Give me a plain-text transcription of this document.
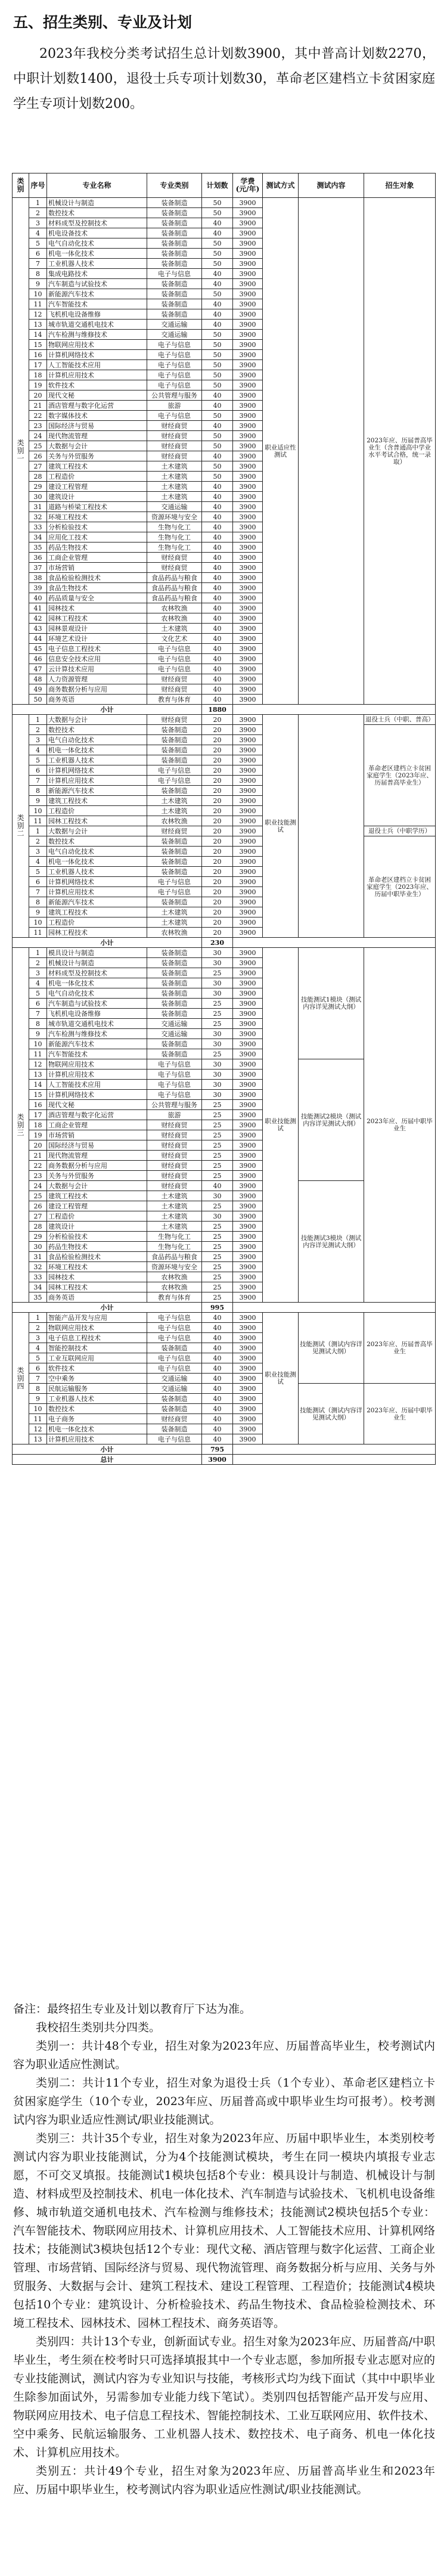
五、招生类别、专业及计划
2023年我校分类考试招生总计划数3900，其中普高计划数2270，中职计划数1400，退役士兵专项计划数30，革命老区建档立卡贫困家庭学生专项计划数200。
类别	序号	专业名称	专业类别	计划数	学费(元/年)	测试方式	测试内容	招生对象
类别一	1	机械设计与制造	装备制造	50	3900	职业适应性测试		2023年应、历届普高毕业生（含普通高中学业水平考试合格，统一录取）
	2	数控技术	装备制造	50	3900			
	3	材料成型及控制技术	装备制造	40	3900			
	4	机电设备技术	装备制造	40	3900			
	5	电气自动化技术	装备制造	50	3900			
	6	机电一体化技术	装备制造	50	3900			
	7	工业机器人技术	装备制造	50	3900			
	8	集成电路技术	电子与信息	40	3900			
	9	汽车制造与试验技术	装备制造	40	3900			
	10	新能源汽车技术	装备制造	50	3900			
	11	汽车智能技术	装备制造	40	3900			
	12	飞机机电设备维修	装备制造	40	3900			
	13	城市轨道交通机电技术	交通运输	40	3900			
	14	汽车检测与维修技术	交通运输	50	3900			
	15	物联网应用技术	电子与信息	50	3900			
	16	计算机网络技术	电子与信息	50	3900			
	17	人工智能技术应用	电子与信息	50	3900			
	18	计算机应用技术	电子与信息	50	3900			
	19	软件技术	电子与信息	50	3900			
	20	现代文秘	公共管理与服务	40	3900			
	21	酒店管理与数字化运营	旅游	40	3900			
	22	数字媒体技术	电子与信息	50	3900			
	23	国际经济与贸易	财经商贸	40	3900			
	24	现代物流管理	财经商贸	50	3900			
	25	大数据与会计	财经商贸	50	3900			
	26	关务与外贸服务	财经商贸	40	3900			
	27	建筑工程技术	土木建筑	50	3900			
	28	工程造价	土木建筑	50	3900			
	29	建设工程管理	土木建筑	40	3900			
	30	建筑设计	土木建筑	40	3900			
	31	道路与桥梁工程技术	交通运输	40	3900			
	32	环境工程技术	资源环境与安全	40	3900			
	33	分析检验技术	生物与化工	40	3900			
	34	应用化工技术	生物与化工	40	3900			
	35	药品生物技术	生物与化工	40	3900			
	36	工商企业管理	财经商贸	40	3900			
	37	市场营销	财经商贸	40	3900			
	38	食品检验检测技术	食品药品与粮食	40	3900			
	39	食品生物技术	食品药品与粮食	40	3900			
	40	药品质量与安全	食品药品与粮食	40	3900			
	41	园林技术	农林牧渔	40	3900			
	42	园林工程技术	农林牧渔	40	3900			
	43	园林景观设计	土木建筑	40	3900			
	44	环境艺术设计	文化艺术	40	3900			
	45	电子信息工程技术	电子与信息	40	3900			
	46	信息安全技术应用	电子与信息	40	3900			
	47	云计算技术应用	电子与信息	40	3900			
	48	人力资源管理	财经商贸	40	3900			
	49	商务数据分析与应用	财经商贸	40	3900			
	50	商务英语	教育与体育	40	3900			
小计				1880				
类别二	1	大数据与会计	财经商贸	20	3900	职业技能测试		退役士兵（中职、普高）
	2	数控技术	装备制造	20	3900			革命老区建档立卡贫困家庭学生（2023年应、历届普高毕业生）
	3	电气自动化技术	装备制造	20	3900			
	4	机电一体化技术	装备制造	20	3900			
	5	工业机器人技术	装备制造	20	3900			
	6	计算机网络技术	电子与信息	20	3900			
	7	计算机应用技术	电子与信息	20	3900			
	8	新能源汽车技术	装备制造	20	3900			
	9	建筑工程技术	土木建筑	20	3900			
	10	工程造价	土木建筑	20	3900			
	11	园林工程技术	农林牧渔	20	3900			
	1	大数据与会计	财经商贸	20	3900			退役士兵（中职学历）
	2	数控技术	装备制造	20	3900			革命老区建档立卡贫困家庭学生（2023年应、历届中职毕业生）
	3	电气自动化技术	装备制造	20	3900			
	4	机电一体化技术	装备制造	20	3900			
	5	工业机器人技术	装备制造	20	3900			
	6	计算机网络技术	电子与信息	20	3900			
	7	计算机应用技术	电子与信息	20	3900			
	8	新能源汽车技术	装备制造	20	3900			
	9	建筑工程技术	土木建筑	20	3900			
	10	工程造价	土木建筑	20	3900			
	11	园林工程技术	农林牧渔	20	3900			
小计				230				
类别三	1	模具设计与制造	装备制造	30	3900	职业技能测试	技能测试1模块（测试内容详见测试大纲）	2023年应、历届中职毕业生
	2	机械设计与制造	装备制造	30	3900			
	3	材料成型及控制技术	装备制造	25	3900			
	4	机电一体化技术	装备制造	30	3900			
	5	电气自动化技术	装备制造	30	3900			
	6	汽车制造与试验技术	装备制造	25	3900			
	7	飞机机电设备维修	装备制造	25	3900			
	8	城市轨道交通机电技术	交通运输	25	3900			
	9	汽车检测与维修技术	交通运输	30	3900			
	10	新能源汽车技术	装备制造	30	3900			
	11	汽车智能技术	装备制造	25	3900			
	12	物联网应用技术	电子与信息	30	3900		技能测试2模块（测试内容详见测试大纲）	
	13	计算机应用技术	电子与信息	30	3900			
	14	人工智能技术应用	电子与信息	30	3900			
	15	计算机网络技术	电子与信息	30	3900			
	16	现代文秘	公共管理与服务	25	3900			
	17	酒店管理与数字化运营	旅游	25	3900			
	18	工商企业管理	财经商贸	25	3900			
	19	市场营销	财经商贸	25	3900			
	20	国际经济与贸易	财经商贸	25	3900			
	21	现代物流管理	财经商贸	25	3900			
	22	商务数据分析与应用	财经商贸	25	3900			
	23	关务与外贸服务	财经商贸	25	3900			
	24	大数据与会计	财经商贸	40	3900		技能测试3模块（测试内容详见测试大纲）	
	25	建筑工程技术	土木建筑	30	3900			
	26	建设工程管理	土木建筑	25	3900			
	27	工程造价	土木建筑	30	3900			
	28	建筑设计	土木建筑	25	3900			
	29	分析检验技术	生物与化工	25	3900			
	30	药品生物技术	生物与化工	25	3900			
	31	食品检验检测技术	食品药品与粮食	25	3900			
	32	环境工程技术	资源环境与安全	25	3900			
	33	园林技术	农林牧渔	25	3900			
	34	园林工程技术	农林牧渔	25	3900			
	35	商务英语	教育与体育	25	3900			
小计				995				
类别四	1	智能产品开发与应用	电子与信息	40	3900	职业技能测试	技能测试（测试内容详见测试大纲）	2023年应、历届普高毕业生
	2	物联网应用技术	电子与信息	40	3900			
	3	电子信息工程技术	电子与信息	40	3900			
	4	智能控制技术	装备制造	40	3900			
	5	工业互联网应用	电子与信息	40	3900			
	6	软件技术	电子与信息	40	3900			
	7	空中乘务	交通运输	40	3900			
	8	民航运输服务	交通运输	40	3900		技能测试（测试内容详见测试大纲）	2023年应、历届中职毕业生
	9	工业机器人技术	装备制造	40	3900			
	10	数控技术	装备制造	40	3900			
	11	电子商务	财经商贸	40	3900			
	12	机电一体化技术	装备制造	40	3900			
	13	计算机应用技术	电子与信息	40	3900			
小计				795				
总计				3900				

备注：最终招生专业及计划以教育厅下达为准。

我校招生类别共分四类。

类别一：共计48个专业，招生对象为2023年应、历届普高毕业生，校考测试内容为职业适应性测试。

类别二：共计11个专业，招生对象为退役士兵（1个专业）、革命老区建档立卡贫困家庭学生（10个专业，2023年应、历届普高或中职毕业生均可报考）。校考测试内容为职业适应性测试/职业技能测试。

类别三：共计35个专业，招生对象为2023年应、历届中职毕业生，本类别校考测试内容为职业技能测试，分为4个技能测试模块，考生在同一模块内填报专业志愿，不可交叉填报。技能测试1模块包括8个专业：模具设计与制造、机械设计与制造、材料成型及控制技术、机电一体化技术、汽车制造与试验技术、飞机机电设备维修、城市轨道交通机电技术、汽车检测与维修技术；技能测试2模块包括5个专业：汽车智能技术、物联网应用技术、计算机应用技术、人工智能技术应用、计算机网络技术；技能测试3模块包括12个专业：现代文秘、酒店管理与数字化运营、工商企业管理、市场营销、国际经济与贸易、现代物流管理、商务数据分析与应用、关务与外贸服务、大数据与会计、建筑工程技术、建设工程管理、工程造价；技能测试4模块包括10个专业：建筑设计、分析检验技术、药品生物技术、食品检验检测技术、环境工程技术、园林技术、园林工程技术、商务英语等。

类别四：共计13个专业，创新面试专业。招生对象为2023年应、历届普高/中职毕业生，考生须在校考时只可选择填报其中一个专业志愿，参加所报专业志愿对应的专业技能测试，测试内容为专业知识与技能，考核形式均为线下面试（其中中职毕业生除参加面试外，另需参加专业能力线下笔试）。类别四包括智能产品开发与应用、物联网应用技术、电子信息工程技术、智能控制技术、工业互联网应用、软件技术、空中乘务、民航运输服务、工业机器人技术、数控技术、电子商务、机电一体化技术、计算机应用技术。

类别五：共计49个专业，招生对象为2023年应、历届普高毕业生和2023年应、历届中职毕业生，校考测试内容为职业适应性测试/职业技能测试。
